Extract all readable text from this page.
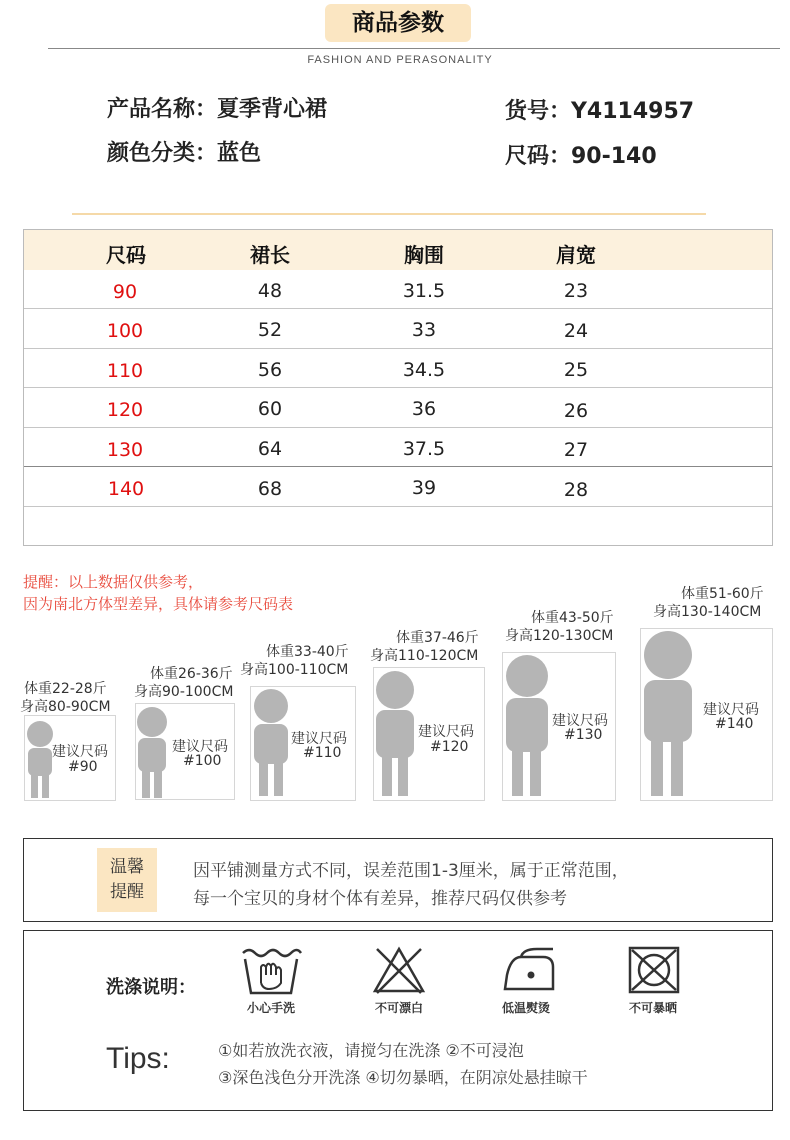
商品参数
FASHION AND PERASONALITY
产品名称：夏季背心裙	货号：Y4114957
颜色分类：蓝色	尺码：90-140
尺码	裙长	胸围	肩宽
90	48	31.5	23
100	52	33	24
110	56	34.5	25
120	60	36	26
130	64	37.5	27
140	68	39	28
提醒：以上数据仅供参考，
因为南北方体型差异，具体请参考尺码表
体重22-28斤
身高80-90CM
建议尺码
#90
体重26-36斤
身高90-100CM
建议尺码
#100
体重33-40斤
身高100-110CM
建议尺码
#110
体重37-46斤
身高110-120CM
建议尺码
#120
体重43-50斤
身高120-130CM
建议尺码
#130
体重51-60斤
身高130-140CM
建议尺码
#140
温馨
提醒
因平铺测量方式不同，误差范围1-3厘米，属于正常范围，
每一个宝贝的身材个体有差异，推荐尺码仅供参考
洗涤说明：
小心手洗	不可漂白	低温熨烫	不可暴晒
Tips:	①如若放洗衣液，请搅匀在洗涤 ②不可浸泡
③深色浅色分开洗涤 ④切勿暴晒，在阴凉处悬挂晾干
